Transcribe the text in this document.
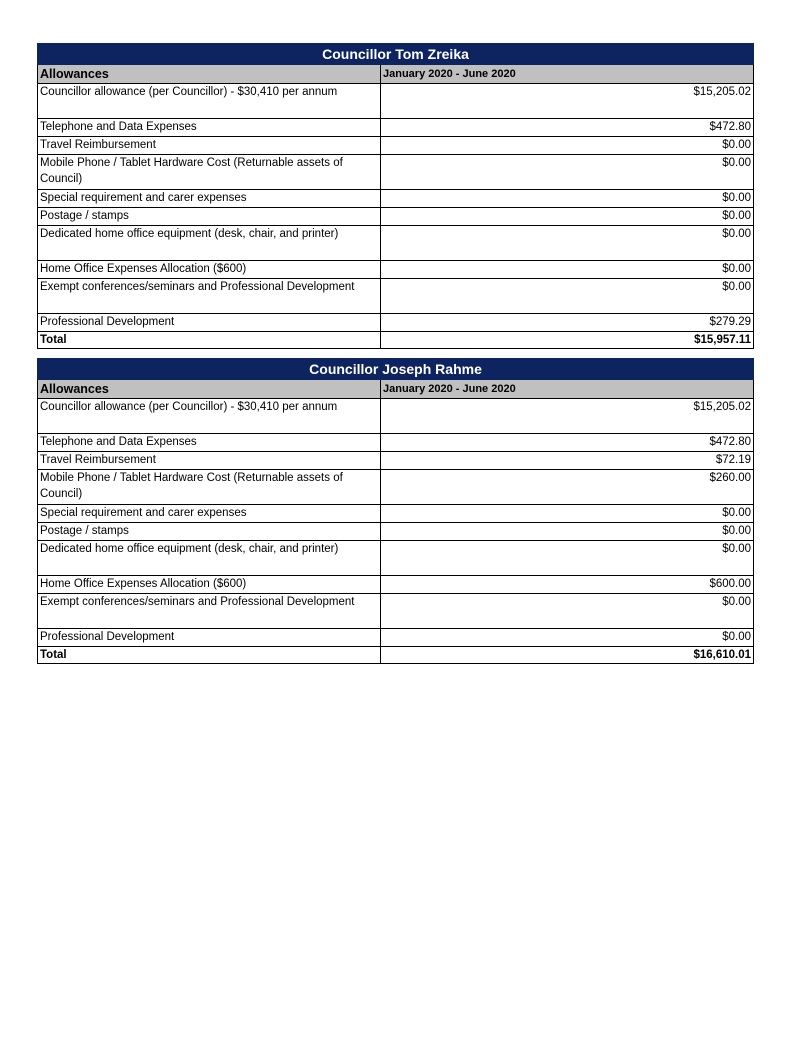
Councillor Tom Zreika	
Allowances	January 2020 - June 2020
Councillor allowance (per Councillor) - $30,410 per annum	$15,205.02
Telephone and Data Expenses	$472.80
Travel Reimbursement	$0.00
Mobile Phone / Tablet Hardware Cost (Returnable assets of Council)	$0.00
Special requirement and carer expenses	$0.00
Postage / stamps	$0.00
Dedicated home office equipment (desk, chair, and printer)	$0.00
Home Office Expenses Allocation ($600)	$0.00
Exempt conferences/seminars and Professional Development	$0.00
Professional Development	$279.29
Total	$15,957.11
Councillor Joseph Rahme	
Allowances	January 2020 - June 2020
Councillor allowance (per Councillor) - $30,410 per annum	$15,205.02
Telephone and Data Expenses	$472.80
Travel Reimbursement	$72.19
Mobile Phone / Tablet Hardware Cost (Returnable assets of Council)	$260.00
Special requirement and carer expenses	$0.00
Postage / stamps	$0.00
Dedicated home office equipment (desk, chair, and printer)	$0.00
Home Office Expenses Allocation ($600)	$600.00
Exempt conferences/seminars and Professional Development	$0.00
Professional Development	$0.00
Total	$16,610.01
